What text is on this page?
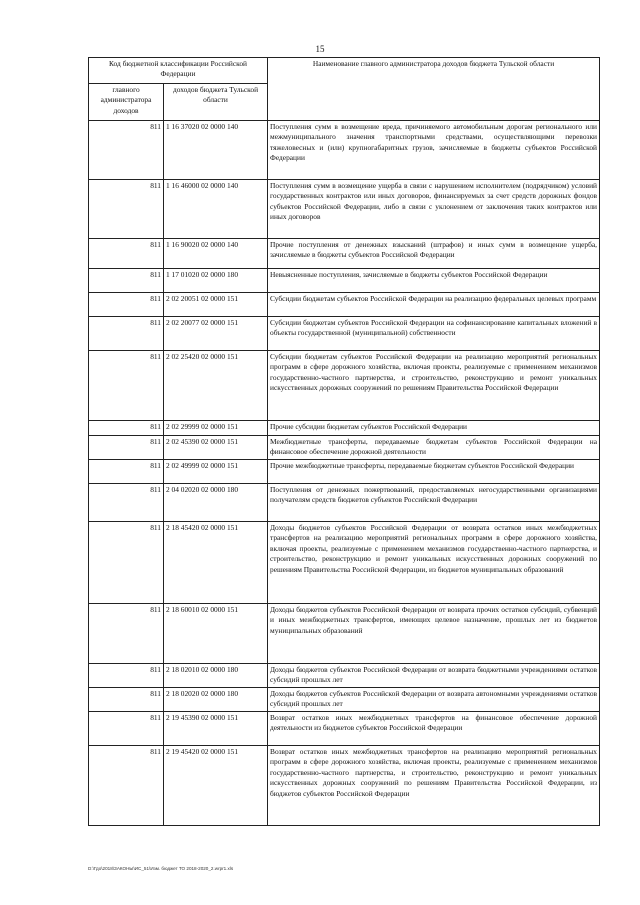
15
Код бюджетной классификации Российской Федерации		Наименование главного администратора доходов бюджета Тульской области
главного администратора доходов	доходов бюджета Тульской области	
811	1 16 37020 02 0000 140	Поступления сумм в возмещение вреда, причиняемого автомобильным дорогам регионального или межмуниципального значения транспортными средствами, осуществляющими перевозки тяжеловесных и (или) крупногабаритных грузов, зачисляемые в бюджеты субъектов Российской Федерации
811	1 16 46000 02 0000 140	Поступления сумм в возмещение ущерба в связи с нарушением исполнителем (подрядчиком) условий государственных контрактов или иных договоров, финансируемых за счет средств дорожных фондов субъектов Российской Федерации, либо в связи с уклонением от заключения таких контрактов или иных договоров
811	1 16 90020 02 0000 140	Прочие поступления от денежных взысканий (штрафов) и иных сумм в возмещение ущерба, зачисляемые в бюджеты субъектов Российской Федерации
811	1 17 01020 02 0000 180	Невыясненные поступления, зачисляемые в бюджеты субъектов Российской Федерации
811	2 02 20051 02 0000 151	Субсидии бюджетам субъектов Российской Федерации на реализацию федеральных целевых программ
811	2 02 20077 02 0000 151	Субсидии бюджетам субъектов Российской Федерации на софинансирование капитальных вложений в объекты государственной (муниципальной) собственности
811	2 02 25420 02 0000 151	Субсидии бюджетам субъектов Российской Федерации на реализацию мероприятий региональных программ в сфере дорожного хозяйства, включая проекты, реализуемые с применением механизмов государственно-частного партнерства, и строительство, реконструкцию и ремонт уникальных искусственных дорожных сооружений по решениям Правительства Российской Федерации
811	2 02 29999 02 0000 151	Прочие субсидии бюджетам субъектов Российской Федерации
811	2 02 45390 02 0000 151	Межбюджетные трансферты, передаваемые бюджетам субъектов Российской Федерации на финансовое обеспечение дорожной деятельности
811	2 02 49999 02 0000 151	Прочие межбюджетные трансферты, передаваемые бюджетам субъектов Российской Федерации
811	2 04 02020 02 0000 180	Поступления от денежных пожертвований, предоставляемых негосударственными организациями получателям средств бюджетов субъектов Российской Федерации
811	2 18 45420 02 0000 151	Доходы бюджетов субъектов Российской Федерации от возврата остатков иных межбюджетных трансфертов на реализацию мероприятий региональных программ в сфере дорожного хозяйства, включая проекты, реализуемые с применением механизмов государственно-частного партнерства, и строительство, реконструкцию и ремонт уникальных искусственных дорожных сооружений по решениям Правительства Российской Федерации, из бюджетов муниципальных образований
811	2 18 60010 02 0000 151	Доходы бюджетов субъектов Российской Федерации от возврата прочих остатков субсидий, субвенций и иных межбюджетных трансфертов, имеющих целевое назначение, прошлых лет из бюджетов муниципальных образований
811	2 18 02010 02 0000 180	Доходы бюджетов субъектов Российской Федерации от возврата бюджетными учреждениями остатков субсидий прошлых лет
811	2 18 02020 02 0000 180	Доходы бюджетов субъектов Российской Федерации от возврата автономными учреждениями остатков субсидий прошлых лет
811	2 19 45390 02 0000 151	Возврат остатков иных межбюджетных трансфертов на финансовое обеспечение дорожной деятельности из бюджетов субъектов Российской Федерации
811	2 19 45420 02 0000 151	Возврат остатков иных межбюджетных трансфертов на реализацию мероприятий региональных программ в сфере дорожного хозяйства, включая проекты, реализуемые с применением механизмов государственно-частного партнерства, и строительство, реконструкцию и ремонт уникальных искусственных дорожных сооружений по решениям Правительства Российской Федерации, из бюджетов субъектов Российской Федерации
D:\Гдо\2018\ЗАКОНЫ\ИС_51\Изм. бюджет ТО 2018-2020_2.wrpr1.xls
